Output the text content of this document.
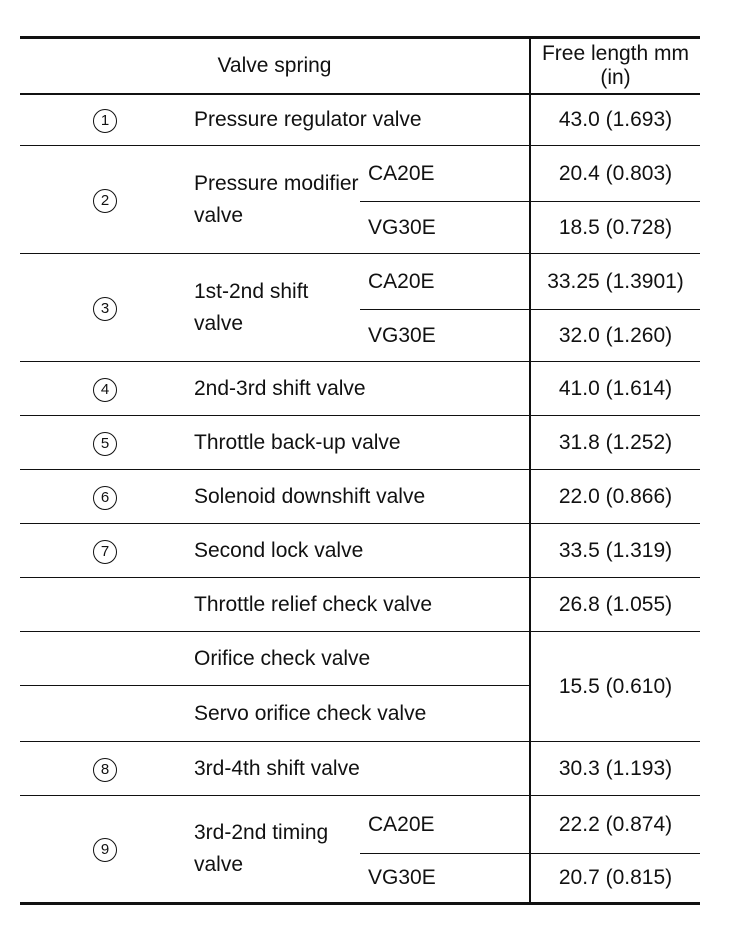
Valve spring			Free length mm (in)
1	Pressure regulator valve		43.0 (1.693)
2	Pressure modifier valve	CA20E	20.4 (0.803)
		VG30E	18.5 (0.728)
3	1st-2nd shift valve	CA20E	33.25 (1.3901)
		VG30E	32.0 (1.260)
4	2nd-3rd shift valve		41.0 (1.614)
5	Throttle back-up valve		31.8 (1.252)
6	Solenoid downshift valve		22.0 (0.866)
7	Second lock valve		33.5 (1.319)
	Throttle relief check valve		26.8 (1.055)
	Orifice check valve		15.5 (0.610)
	Servo orifice check valve		
8	3rd-4th shift valve		30.3 (1.193)
9	3rd-2nd timing valve	CA20E	22.2 (0.874)
		VG30E	20.7 (0.815)
